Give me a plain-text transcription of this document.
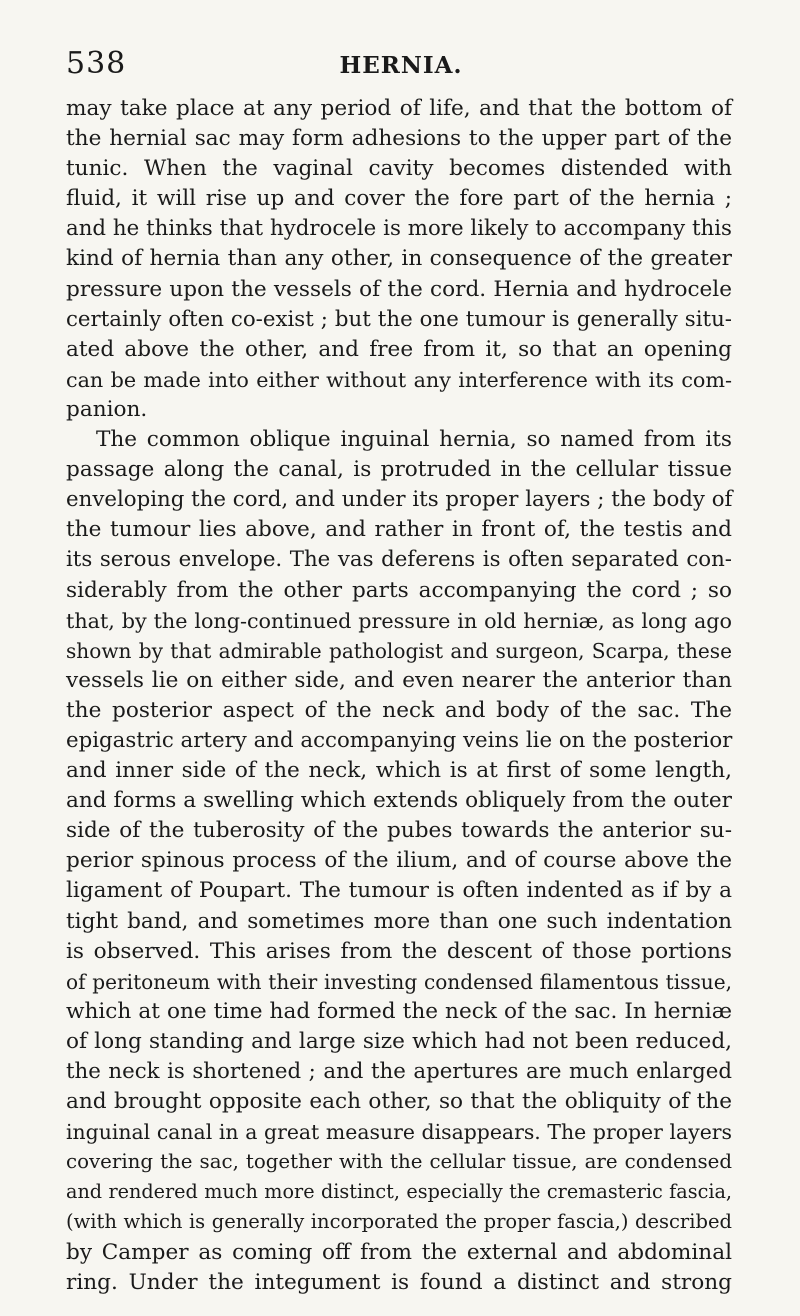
538	HERNIA.
may take place at any period of life, and that the bottom of
the hernial sac may form adhesions to the upper part of the
tunic. When the vaginal cavity becomes distended with
fluid, it will rise up and cover the fore part of the hernia ;
and he thinks that hydrocele is more likely to accompany this
kind of hernia than any other, in consequence of the greater
pressure upon the vessels of the cord. Hernia and hydrocele
certainly often co-exist ; but the one tumour is generally situ-
ated above the other, and free from it, so that an opening
can be made into either without any interference with its com-
panion.
The common oblique inguinal hernia, so named from its
passage along the canal, is protruded in the cellular tissue
enveloping the cord, and under its proper layers ; the body of
the tumour lies above, and rather in front of, the testis and
its serous envelope. The vas deferens is often separated con-
siderably from the other parts accompanying the cord ; so
that, by the long-continued pressure in old herniæ, as long ago
shown by that admirable pathologist and surgeon, Scarpa, these
vessels lie on either side, and even nearer the anterior than
the posterior aspect of the neck and body of the sac. The
epigastric artery and accompanying veins lie on the posterior
and inner side of the neck, which is at first of some length,
and forms a swelling which extends obliquely from the outer
side of the tuberosity of the pubes towards the anterior su-
perior spinous process of the ilium, and of course above the
ligament of Poupart. The tumour is often indented as if by a
tight band, and sometimes more than one such indentation
is observed. This arises from the descent of those portions
of peritoneum with their investing condensed filamentous tissue,
which at one time had formed the neck of the sac. In herniæ
of long standing and large size which had not been reduced,
the neck is shortened ; and the apertures are much enlarged
and brought opposite each other, so that the obliquity of the
inguinal canal in a great measure disappears. The proper layers
covering the sac, together with the cellular tissue, are condensed
and rendered much more distinct, especially the cremasteric fascia,
(with which is generally incorporated the proper fascia,) described
by Camper as coming off from the external and abdominal
ring. Under the integument is found a distinct and strong
